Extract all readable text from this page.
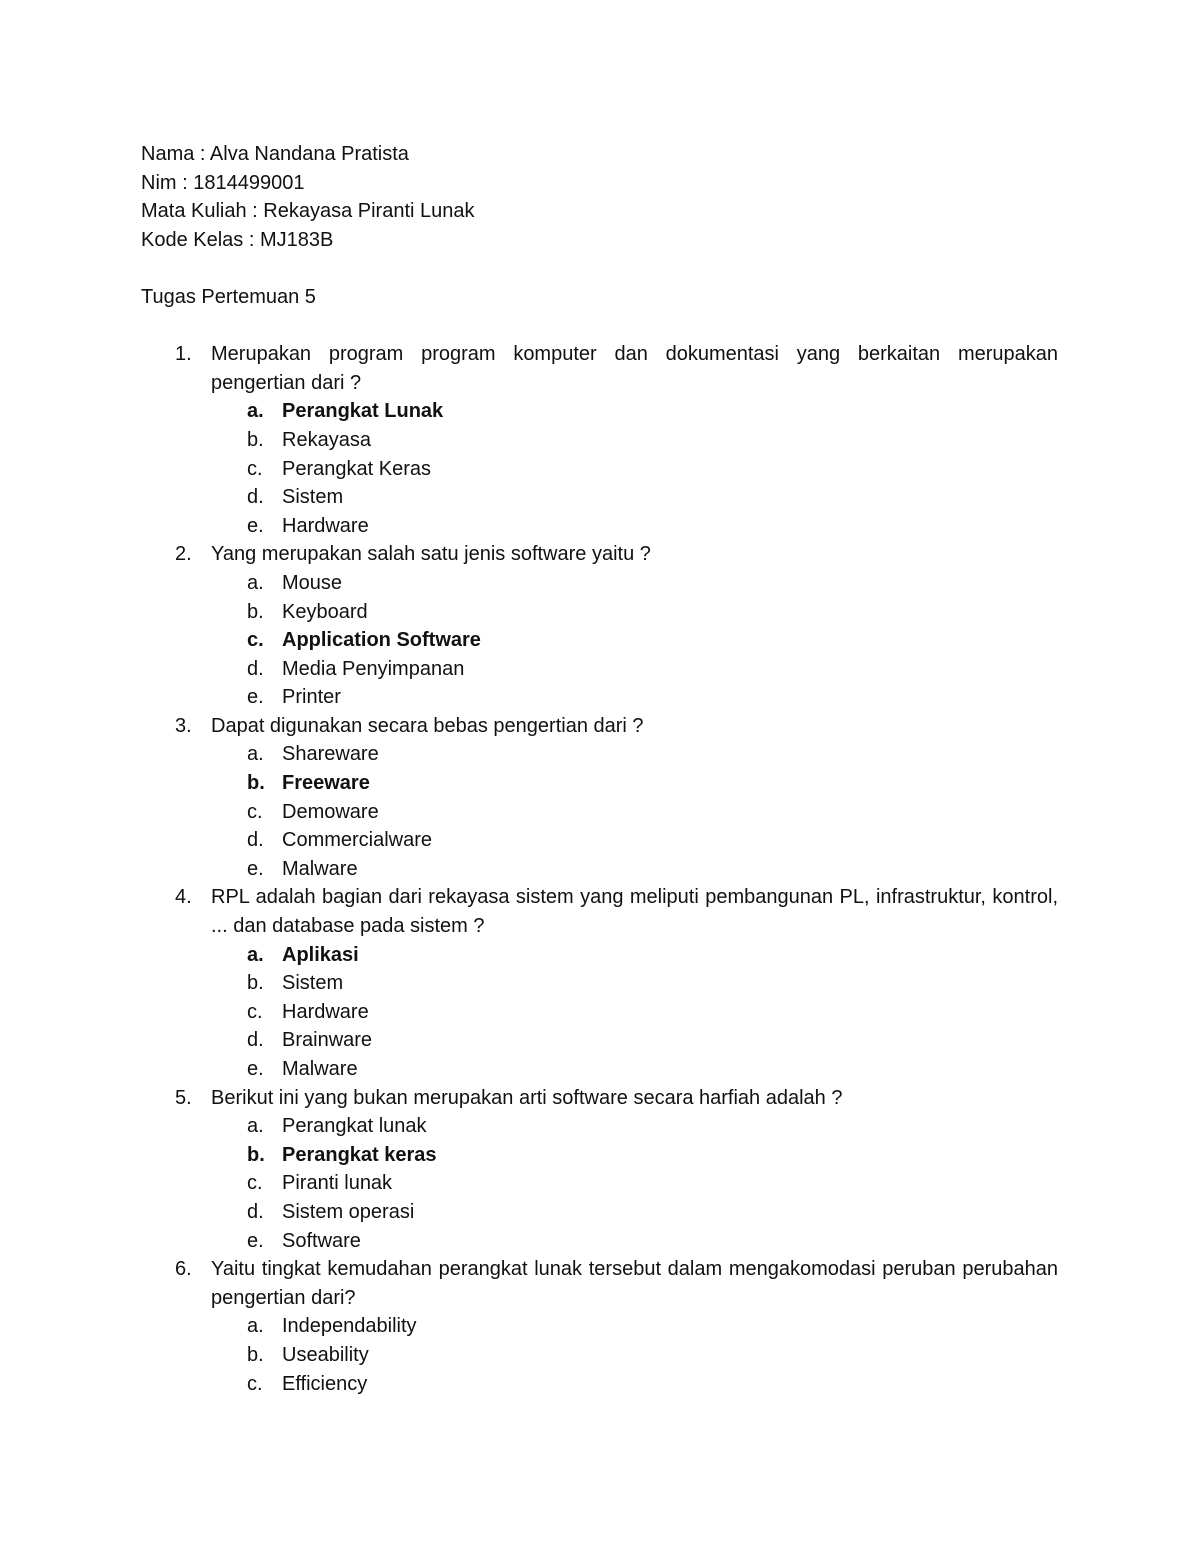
Nama : Alva Nandana Pratista
Nim : 1814499001
Mata Kuliah : Rekayasa Piranti Lunak
Kode Kelas : MJ183B
Tugas Pertemuan 5
1. Merupakan program program komputer dan dokumentasi yang berkaitan merupakan pengertian dari ?
a. Perangkat Lunak
b. Rekayasa
c. Perangkat Keras
d. Sistem
e. Hardware
2. Yang merupakan salah satu jenis software yaitu ?
a. Mouse
b. Keyboard
c. Application Software
d. Media Penyimpanan
e. Printer
3. Dapat digunakan secara bebas pengertian dari ?
a. Shareware
b. Freeware
c. Demoware
d. Commercialware
e. Malware
4. RPL adalah bagian dari rekayasa sistem yang meliputi pembangunan PL, infrastruktur, kontrol, ... dan database pada sistem ?
a. Aplikasi
b. Sistem
c. Hardware
d. Brainware
e. Malware
5. Berikut ini yang bukan merupakan arti software secara harfiah adalah ?
a. Perangkat lunak
b. Perangkat keras
c. Piranti lunak
d. Sistem operasi
e. Software
6. Yaitu tingkat kemudahan perangkat lunak tersebut dalam mengakomodasi peruban perubahan pengertian dari?
a. Independability
b. Useability
c. Efficiency
